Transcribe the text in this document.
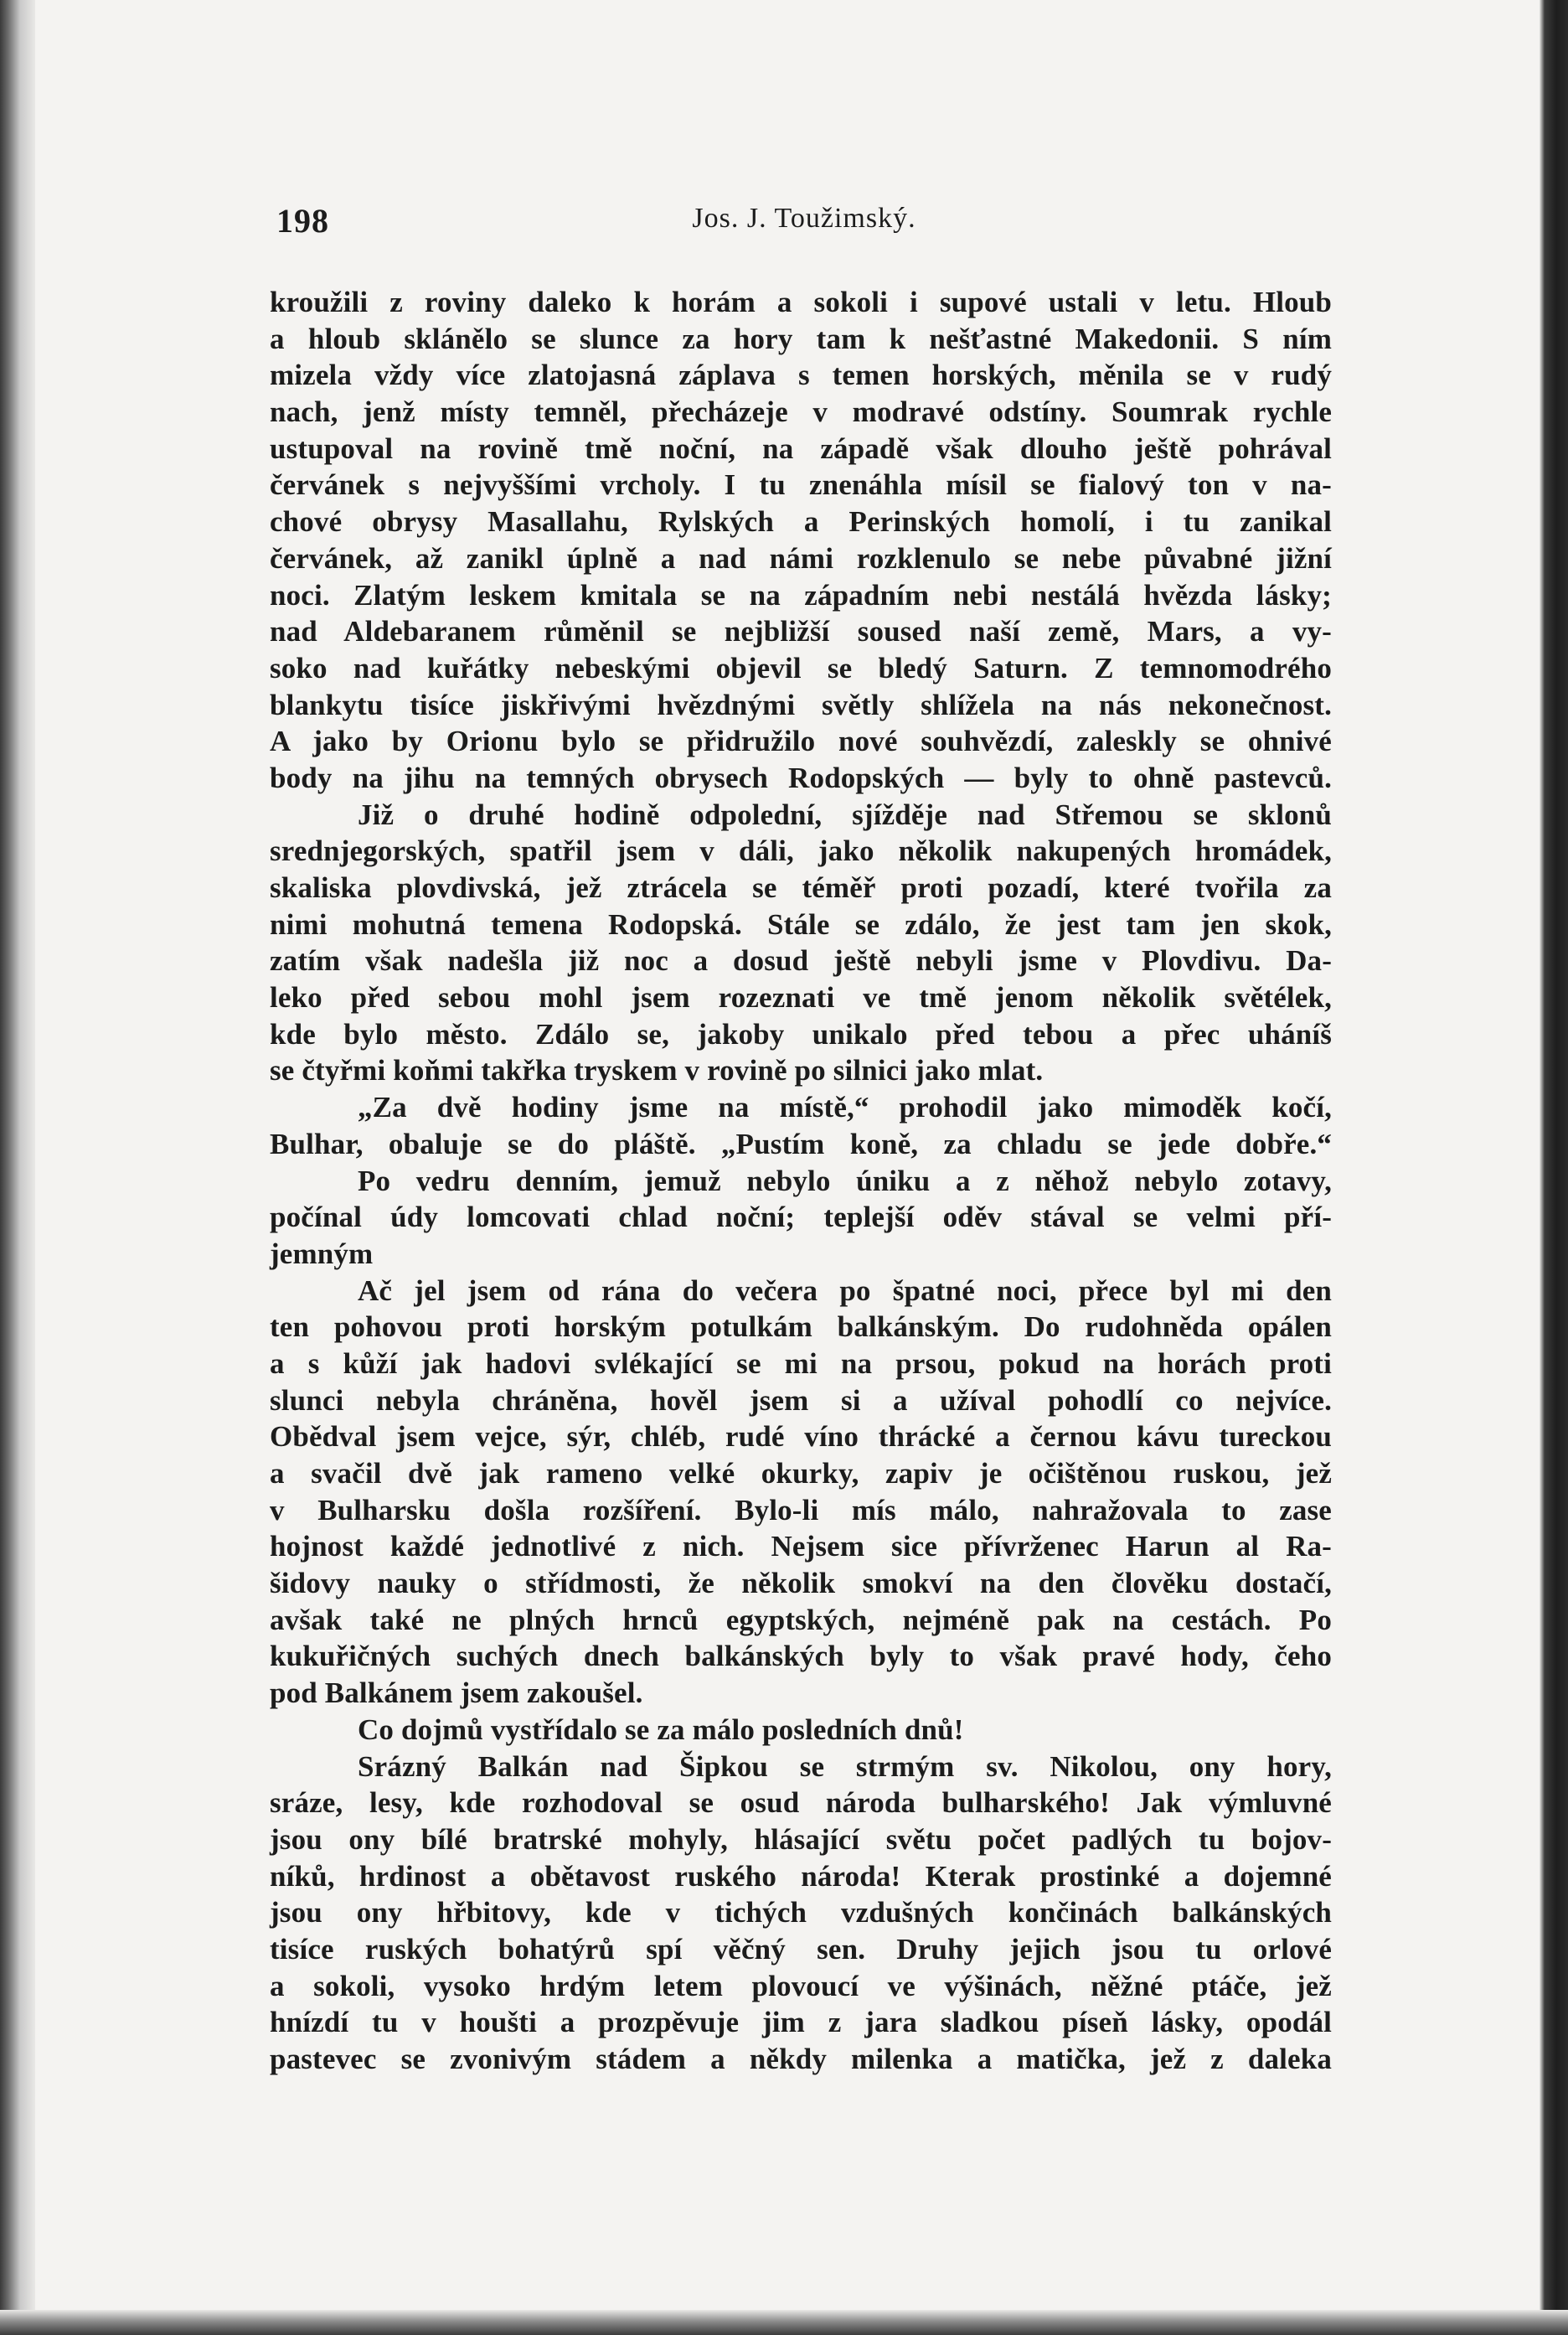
198	Jos. J. Toužimský.
kroužili z roviny daleko k horám a sokoli i supové ustali v letu. Hloub
a hloub sklánělo se slunce za hory tam k nešťastné Makedonii. S ním
mizela vždy více zlatojasná záplava s temen horských, měnila se v rudý
nach, jenž místy temněl, přecházeje v modravé odstíny. Soumrak rychle
ustupoval na rovině tmě noční, na západě však dlouho ještě pohrával
červánek s nejvyššími vrcholy. I tu znenáhla mísil se fialový ton v na-
chové obrysy Masallahu, Rylských a Perinských homolí, i tu zanikal
červánek, až zanikl úplně a nad námi rozklenulo se nebe půvabné jižní
noci. Zlatým leskem kmitala se na západním nebi nestálá hvězda lásky;
nad Aldebaranem růměnil se nejbližší soused naší země, Mars, a vy-
soko nad kuřátky nebeskými objevil se bledý Saturn. Z temnomodrého
blankytu tisíce jiskřivými hvězdnými světly shlížela na nás nekonečnost.
A jako by Orionu bylo se přidružilo nové souhvězdí, zaleskly se ohnivé
body na jihu na temných obrysech Rodopských — byly to ohně pastevců.
Již o druhé hodině odpolední, sjížděje nad Střemou se sklonů
srednjegorských, spatřil jsem v dáli, jako několik nakupených hromádek,
skaliska plovdivská, jež ztrácela se téměř proti pozadí, které tvořila za
nimi mohutná temena Rodopská. Stále se zdálo, že jest tam jen skok,
zatím však nadešla již noc a dosud ještě nebyli jsme v Plovdivu. Da-
leko před sebou mohl jsem rozeznati ve tmě jenom několik světélek,
kde bylo město. Zdálo se, jakoby unikalo před tebou a přec uháníš
se čtyřmi koňmi takřka tryskem v rovině po silnici jako mlat.
„Za dvě hodiny jsme na místě,“ prohodil jako mimoděk kočí,
Bulhar, obaluje se do pláště. „Pustím koně, za chladu se jede dobře.“
Po vedru denním, jemuž nebylo úniku a z něhož nebylo zotavy,
počínal údy lomcovati chlad noční; teplejší oděv stával se velmi pří-
jemným
Ač jel jsem od rána do večera po špatné noci, přece byl mi den
ten pohovou proti horským potulkám balkánským. Do rudohněda opálen
a s kůží jak hadovi svlékající se mi na prsou, pokud na horách proti
slunci nebyla chráněna, hověl jsem si a užíval pohodlí co nejvíce.
Obědval jsem vejce, sýr, chléb, rudé víno thrácké a černou kávu tureckou
a svačil dvě jak rameno velké okurky, zapiv je očištěnou ruskou, jež
v Bulharsku došla rozšíření. Bylo-li mís málo, nahražovala to zase
hojnost každé jednotlivé z nich. Nejsem sice přívrženec Harun al Ra-
šidovy nauky o střídmosti, že několik smokví na den člověku dostačí,
avšak také ne plných hrnců egyptských, nejméně pak na cestách. Po
kukuřičných suchých dnech balkánských byly to však pravé hody, čeho
pod Balkánem jsem zakoušel.
Co dojmů vystřídalo se za málo posledních dnů!
Srázný Balkán nad Šipkou se strmým sv. Nikolou, ony hory,
sráze, lesy, kde rozhodoval se osud národa bulharského! Jak výmluvné
jsou ony bílé bratrské mohyly, hlásající světu počet padlých tu bojov-
níků, hrdinost a obětavost ruského národa! Kterak prostinké a dojemné
jsou ony hřbitovy, kde v tichých vzdušných končinách balkánských
tisíce ruských bohatýrů spí věčný sen. Druhy jejich jsou tu orlové
a sokoli, vysoko hrdým letem plovoucí ve výšinách, něžné ptáče, jež
hnízdí tu v houšti a prozpěvuje jim z jara sladkou píseň lásky, opodál
pastevec se zvonivým stádem a někdy milenka a matička, jež z daleka
